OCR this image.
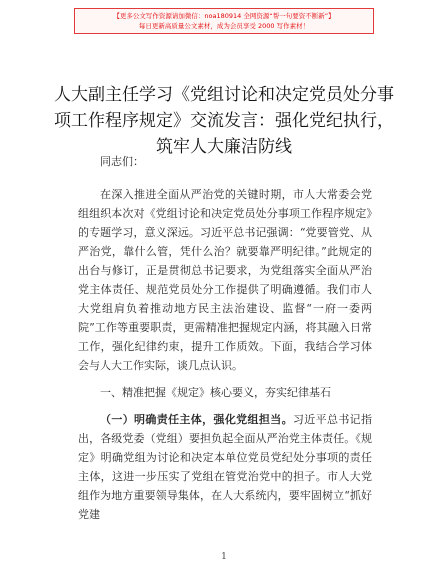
【更多公文写作资源请加微信：noa180914 全网资源“帮一句要资不断新”】
每日更新高质量公文素材，成为会员享受 2000 写作素材！
人大副主任学习《党组讨论和决定党员处分事项工作程序规定》交流发言：强化党纪执行，筑牢人大廉洁防线

同志们：

在深入推进全面从严治党的关键时期，市人大常委会党组组织本次对《党组讨论和决定党员处分事项工作程序规定》的专题学习，意义深远。习近平总书记强调：“党要管党、从严治党，靠什么管，凭什么治？就要靠严明纪律。”此规定的出台与修订，正是贯彻总书记要求，为党组落实全面从严治党主体责任、规范党员处分工作提供了明确遵循。我们市人大党组肩负着推动地方民主法治建设、监督“一府一委两院”工作等重要职责，更需精准把握规定内涵，将其融入日常工作，强化纪律约束，提升工作质效。下面，我结合学习体会与人大工作实际，谈几点认识。

一、精准把握《规定》核心要义，夯实纪律基石

（一）明确责任主体，强化党组担当。习近平总书记指出，各级党委（党组）要担负起全面从严治党主体责任。《规定》明确党组为讨论和决定本单位党员党纪处分事项的责任主体，这进一步压实了党组在管党治党中的担子。市人大党组作为地方重要领导集体，在人大系统内，要牢固树立“抓好党建

1
